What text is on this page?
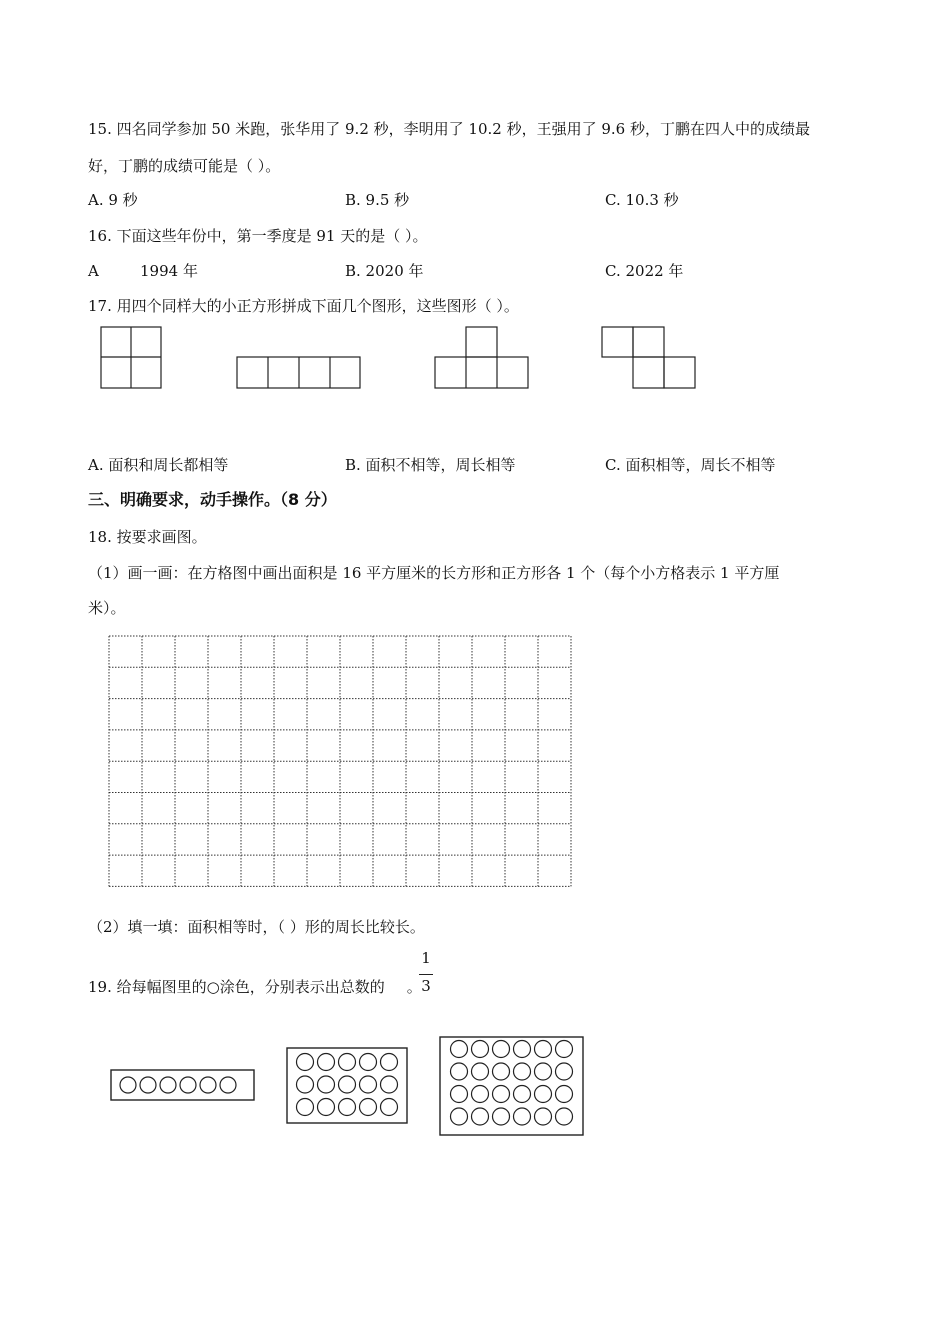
15. 四名同学参加 50 米跑，张华用了 9.2 秒，李明用了 10.2 秒，王强用了 9.6 秒，丁鹏在四人中的成绩最
好，丁鹏的成绩可能是（ ）。
A. 9 秒	B. 9.5 秒	C. 10.3 秒
16. 下面这些年份中，第一季度是 91 天的是（ ）。
A	1994 年	B. 2020 年	C. 2022 年
17. 用四个同样大的小正方形拼成下面几个图形，这些图形（ ）。
A. 面积和周长都相等	B. 面积不相等，周长相等	C. 面积相等，周长不相等
三、明确要求，动手操作。（8 分）
18. 按要求画图。
（1）画一画：在方格图中画出面积是 16 平方厘米的长方形和正方形各 1 个（每个小方格表示 1 平方厘
米）。
（2）填一填：面积相等时，（ ）形的周长比较长。
19. 给每幅图里的○涂色，分别表示出总数的 。
1
3
